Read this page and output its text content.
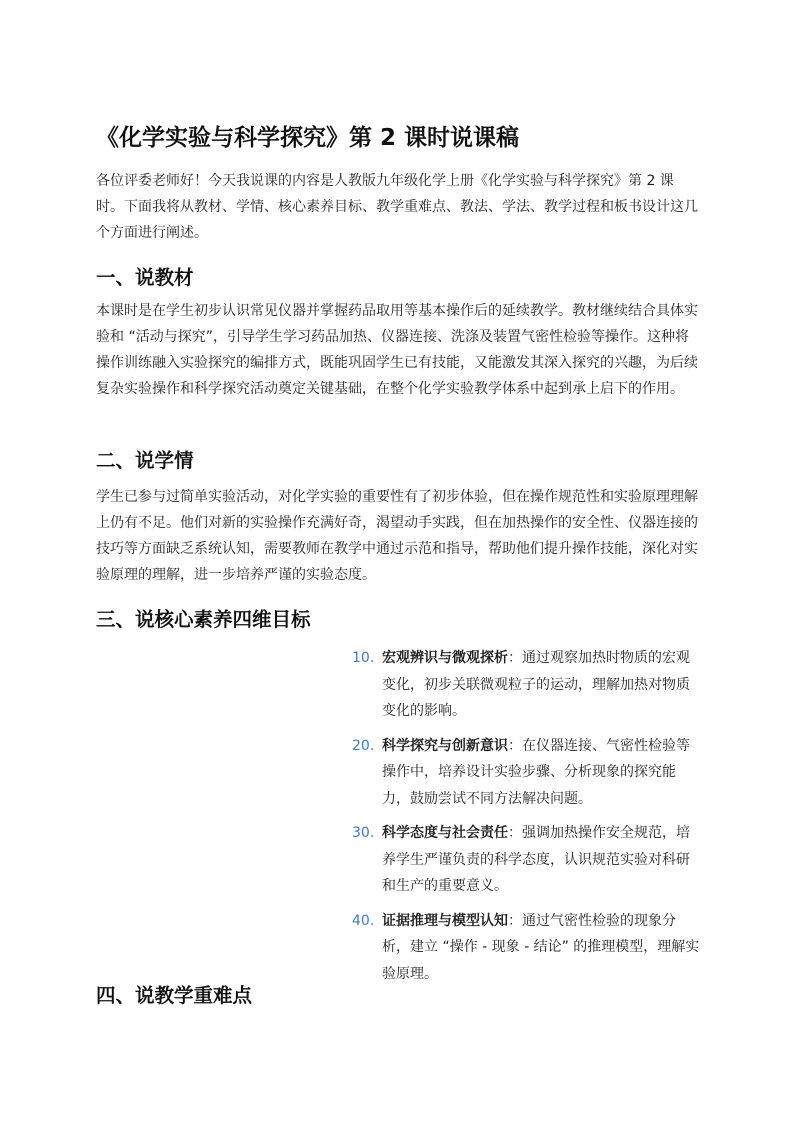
《化学实验与科学探究》第 2 课时说课稿

各位评委老师好！今天我说课的内容是人教版九年级化学上册《化学实验与科学探究》第 2 课时。下面我将从教材、学情、核心素养目标、教学重难点、教法、学法、教学过程和板书设计这几个方面进行阐述。

一、说教材

本课时是在学生初步认识常见仪器并掌握药品取用等基本操作后的延续教学。教材继续结合具体实验和 “活动与探究”，引导学生学习药品加热、仪器连接、洗涤及装置气密性检验等操作。这种将操作训练融入实验探究的编排方式，既能巩固学生已有技能，又能激发其深入探究的兴趣，为后续复杂实验操作和科学探究活动奠定关键基础，在整个化学实验教学体系中起到承上启下的作用。

二、说学情

学生已参与过简单实验活动，对化学实验的重要性有了初步体验，但在操作规范性和实验原理理解上仍有不足。他们对新的实验操作充满好奇，渴望动手实践，但在加热操作的安全性、仪器连接的技巧等方面缺乏系统认知，需要教师在教学中通过示范和指导，帮助他们提升操作技能，深化对实验原理的理解，进一步培养严谨的实验态度。

三、说核心素养四维目标
10. 宏观辨识与微观探析：通过观察加热时物质的宏观变化，初步关联微观粒子的运动，理解加热对物质变化的影响。
20. 科学探究与创新意识：在仪器连接、气密性检验等操作中，培养设计实验步骤、分析现象的探究能力，鼓励尝试不同方法解决问题。
30. 科学态度与社会责任：强调加热操作安全规范，培养学生严谨负责的科学态度，认识规范实验对科研和生产的重要意义。
40. 证据推理与模型认知：通过气密性检验的现象分析，建立 “操作 - 现象 - 结论” 的推理模型，理解实验原理。
四、说教学重难点
